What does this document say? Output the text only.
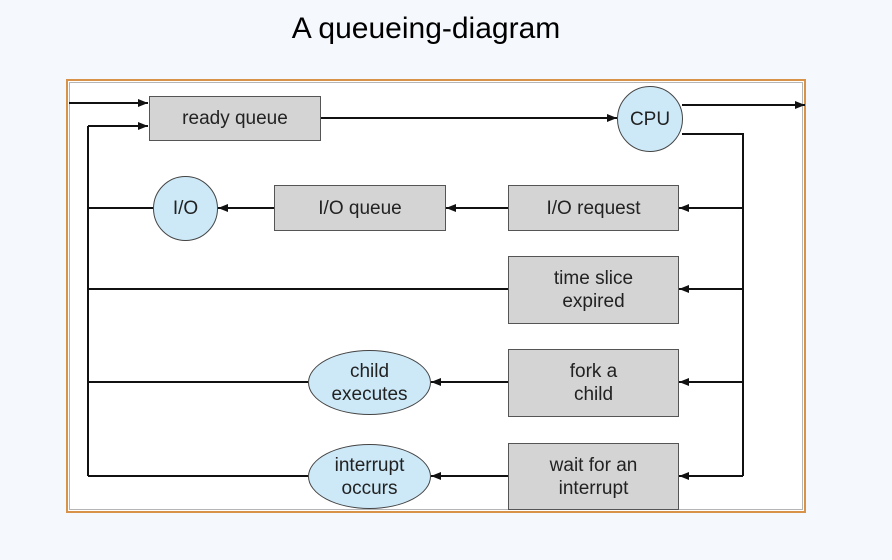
A queueing-diagram
ready queue	CPU
I/O	I/O queue	I/O request
time slice
expired
fork a
child
child
executes
wait for an
interrupt
interrupt
occurs
